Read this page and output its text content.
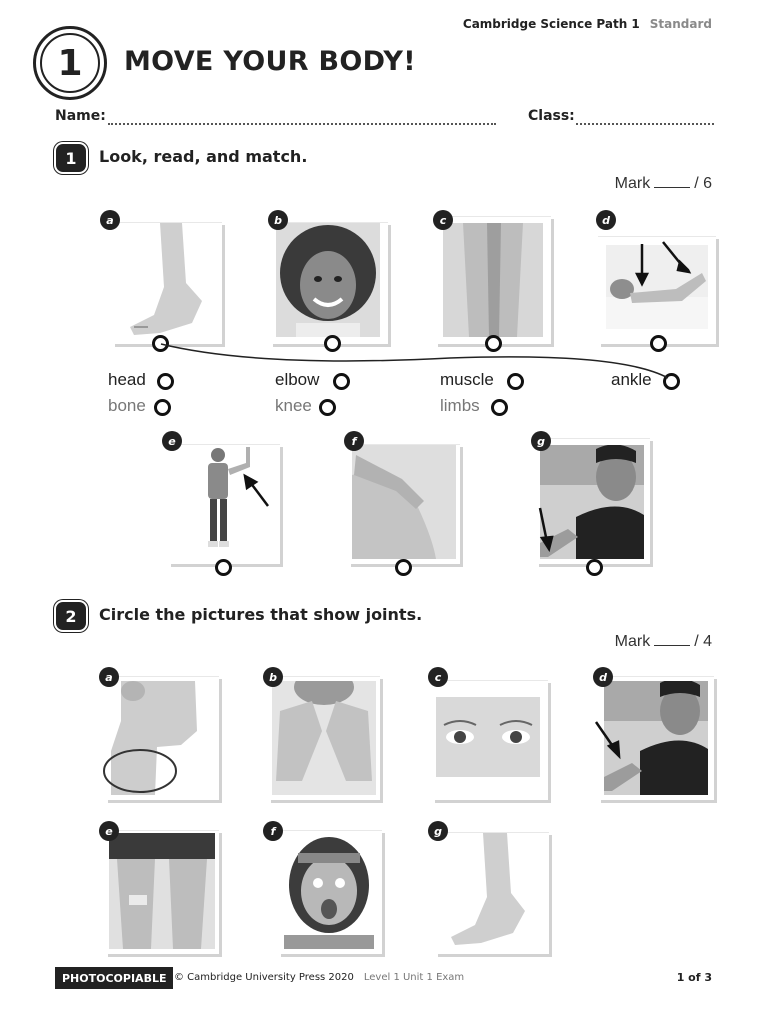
Cambridge Science Path 1 Standard
1	MOVE YOUR BODY!
Name:	Class:
1	Look, read, and match.
Mark	/ 6
a	b	c	d
head	elbow	muscle	ankle
bone	knee	limbs
e	f	g
2	Circle the pictures that show joints.
Mark	/ 4
a	b	c	d
e	f	g
PHOTOCOPIABLE © Cambridge University Press 2020 Level 1 Unit 1 Exam	1 of 3
